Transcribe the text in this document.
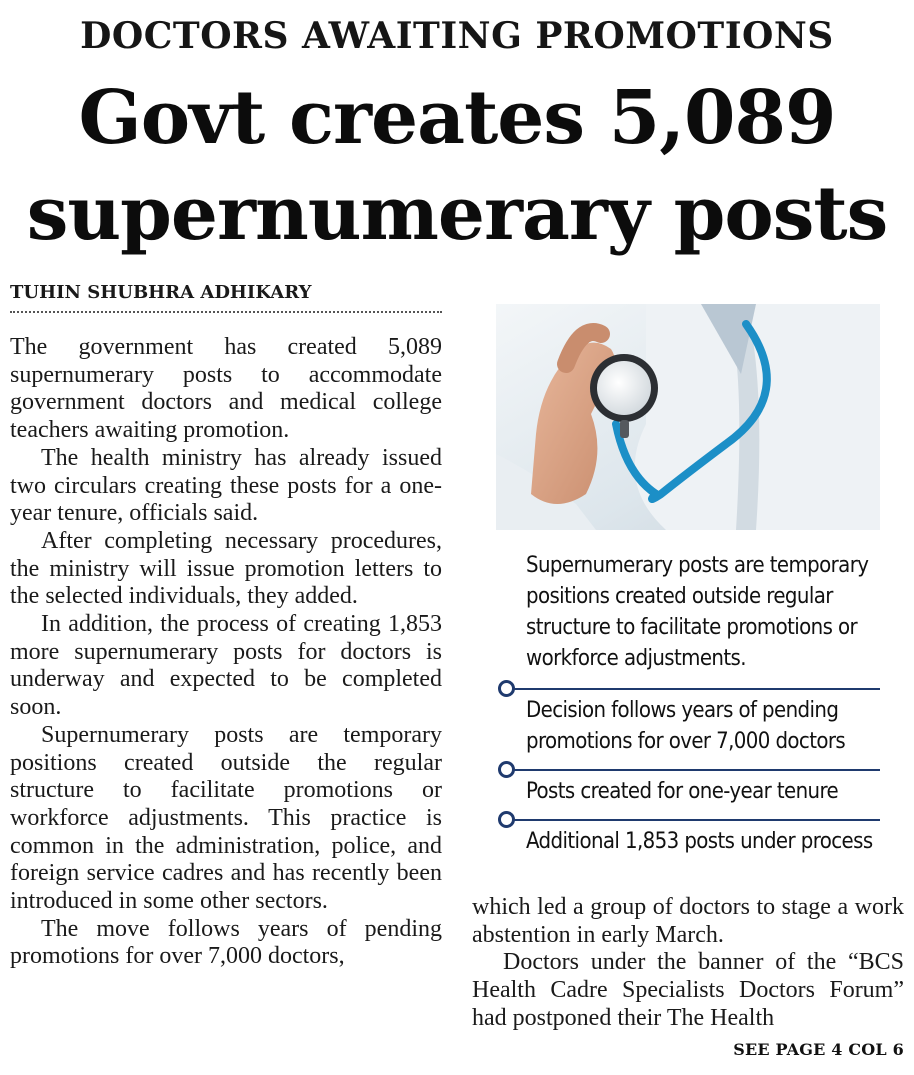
DOCTORS AWAITING PROMOTIONS
Govt creates 5,089
supernumerary posts
TUHIN SHUBHRA ADHIKARY

The government has created 5,089 supernumerary posts to accommodate government doctors and medical college teachers awaiting promotion.

The health ministry has already issued two circulars creating these posts for a one-year tenure, officials said.

After completing necessary procedures, the ministry will issue promotion letters to the selected individuals, they added.

In addition, the process of creating 1,853 more supernumerary posts for doctors is underway and expected to be completed soon.

Supernumerary posts are temporary positions created outside the regular structure to facilitate promotions or workforce adjustments. This practice is common in the administration, police, and foreign service cadres and has recently been introduced in some other sectors.

The move follows years of pending promotions for over 7,000 doctors,

Supernumerary posts are temporary positions created outside regular structure to facilitate promotions or workforce adjustments.

Decision follows years of pending promotions for over 7,000 doctors
Posts created for one-year tenure
Additional 1,853 posts under process

which led a group of doctors to stage a work abstention in early March.

Doctors under the banner of the “BCS Health Cadre Specialists Doctors Forum” had postponed their The Health

SEE PAGE 4 COL 6
